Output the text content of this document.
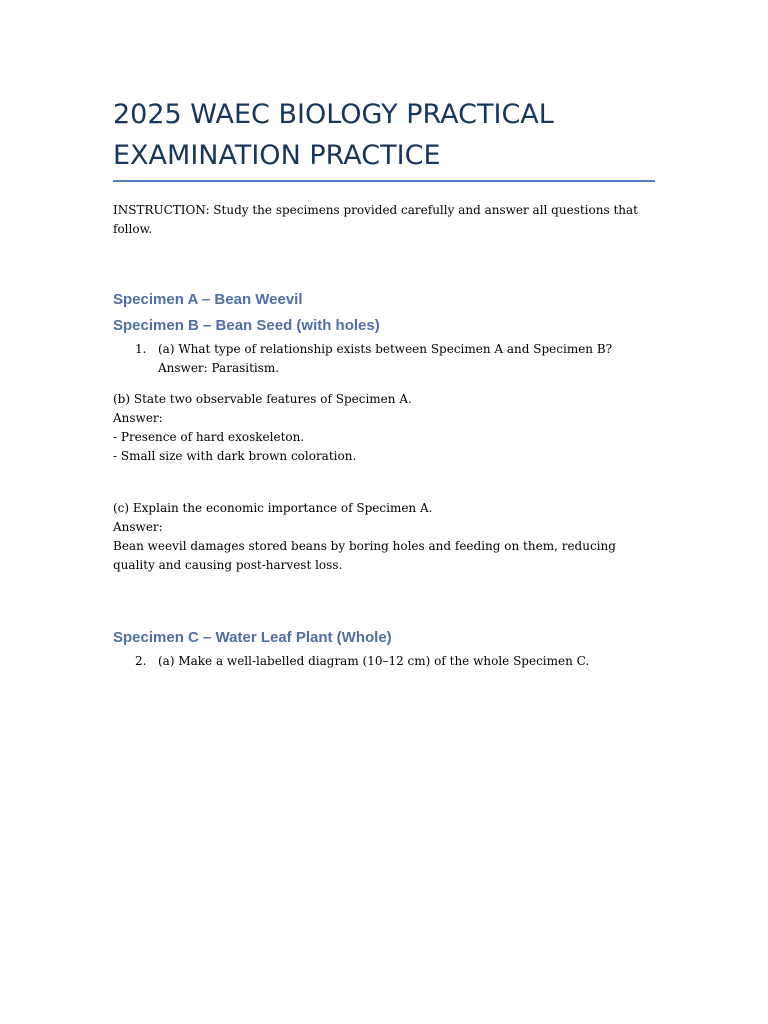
2025 WAEC BIOLOGY PRACTICAL EXAMINATION PRACTICE

INSTRUCTION: Study the specimens provided carefully and answer all questions that follow.

Specimen A – Bean Weevil
Specimen B – Bean Seed (with holes)
1. (a) What type of relationship exists between Specimen A and Specimen B?
Answer: Parasitism.
(b) State two observable features of Specimen A.
Answer:
- Presence of hard exoskeleton.
- Small size with dark brown coloration.
(c) Explain the economic importance of Specimen A.
Answer:
Bean weevil damages stored beans by boring holes and feeding on them, reducing quality and causing post-harvest loss.
Specimen C – Water Leaf Plant (Whole)
2. (a) Make a well-labelled diagram (10–12 cm) of the whole Specimen C.
